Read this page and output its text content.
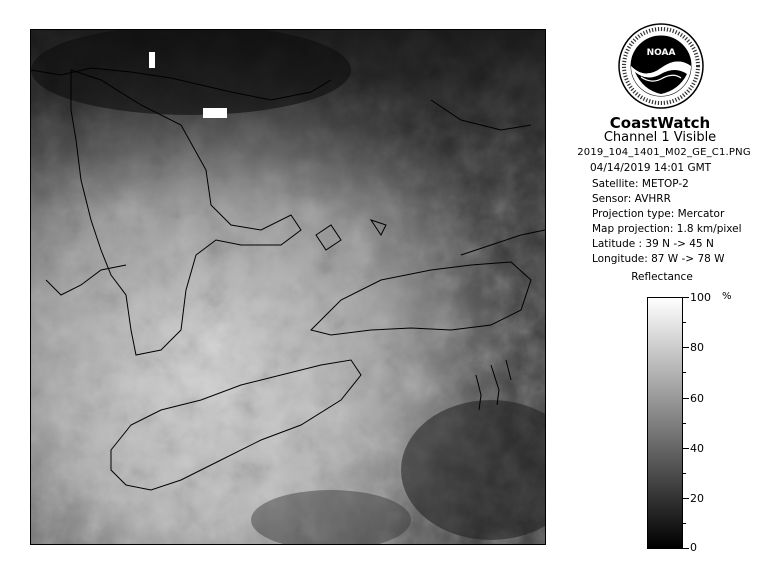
NOAA
CoastWatch
Channel 1 Visible
2019_104_1401_M02_GE_C1.PNG
04/14/2019 14:01 GMT
Satellite: METOP-2
Sensor: AVHRR
Projection type: Mercator
Map projection: 1.8 km/pixel
Latitude : 39 N -> 45 N
Longitude: 87 W -> 78 W
Reflectance
%
100
80
60
40
20
0
